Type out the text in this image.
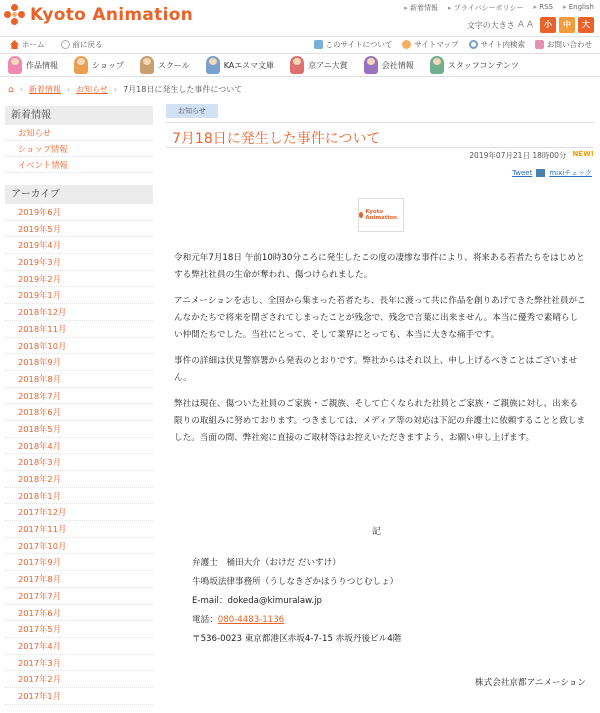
Kyoto Animation	▸ 新着情報	▸ プライバシーポリシー	▸ RSS	▸ English
文字の大きさ A A	小	中	大
ホーム	前に戻る	このサイトについて	サイトマップ	サイト内検索	お問い合わせ
作品情報	ショップ	スクール	KAエスマ文庫	京アニ大賞	会社情報	スタッフコンテンツ
⌂ › 新着情報 › お知らせ › 7月18日に発生した事件について
新着情報
お知らせ
ショップ情報
イベント情報
アーカイブ
2019年6月
2019年5月
2019年4月
2019年3月
2019年2月
2019年1月
2018年12月
2018年11月
2018年10月
2018年9月
2018年8月
2018年7月
2018年6月
2018年5月
2018年4月
2018年3月
2018年2月
2018年1月
2017年12月
2017年11月
2017年10月
2017年9月
2017年8月
2017年7月
2017年6月
2017年5月
2017年4月
2017年3月
2017年2月
2017年1月
お知らせ
7月18日に発生した事件について
2019年07月21日 18時00分 NEW!
Tweet mixiチェック
Kyoto Animation

令和元年7月18日 午前10時30分ころに発生したこの度の凄惨な事件により、将来ある若者たちをはじめとする弊社社員の生命が奪われ、傷つけられました。

アニメーションを志し、全国から集まった若者たち、長年に渡って共に作品を創りあげてきた弊社社員がこんなかたちで将来を閉ざされてしまったことが残念で、残念で言葉に出来ません。本当に優秀で素晴らしい仲間たちでした。当社にとって、そして業界にとっても、本当に大きな痛手です。

事件の詳細は伏見警察署から発表のとおりです。弊社からはそれ以上、申し上げるべきことはございません。

弊社は現在、傷ついた社員のご家族・ご親族、そして亡くなられた社員とご家族・ご親族に対し、出来る限りの取組みに努めております。つきましては、メディア等の対応は下記の弁護士に依頼することと致しました。当面の間、弊社宛に直接のご取材等はお控えいただきますよう、お願い申し上げます。

記
弁護士　桶田大介（おけだ だいすけ）
牛鳴坂法律事務所（うしなきざかほうりつじむしょ）
E-mail：dokeda@kimuralaw.jp
電話：080-4483-1136
〒536-0023 東京都港区赤坂4-7-15 赤坂丹後ビル4階
株式会社京都アニメーション
